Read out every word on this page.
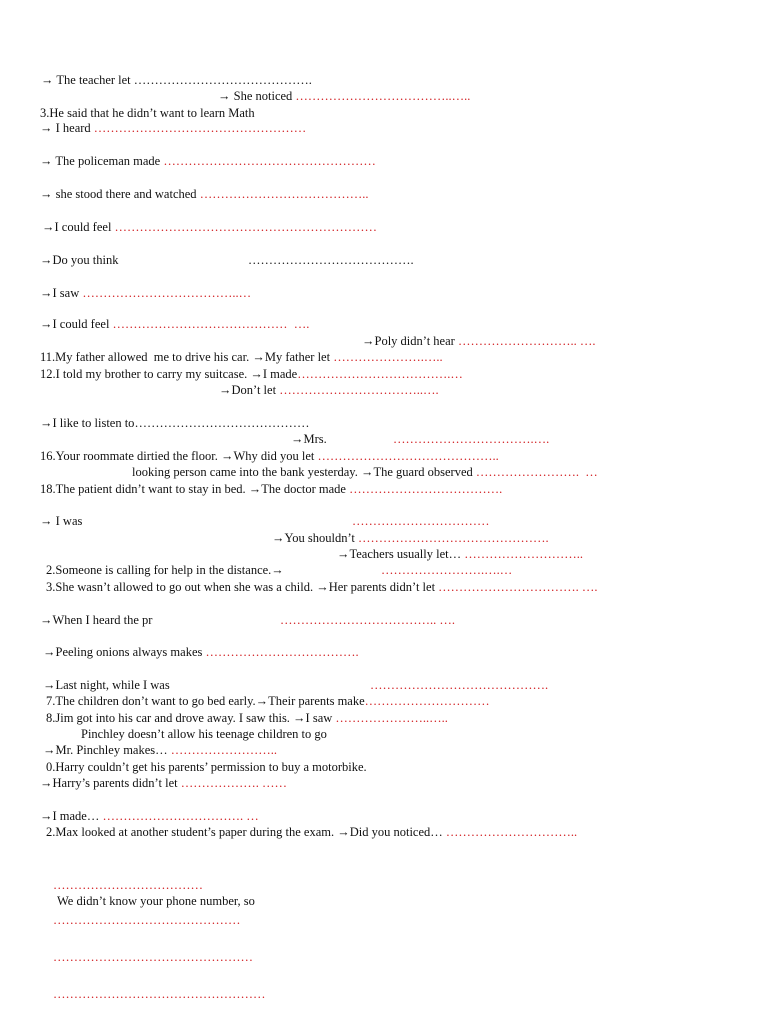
→ The teacher let …………………………………….
→ She noticed ………………………………..…..
3.He said that he didn’t want to learn Math
→ I heard ……………………………………………
→ The policeman made ……………………………………………
→ she stood there and watched …………………………………..
→I could feel ………………………………………………………
→Do you think	………………………………….
→I saw ………………………………..…
→I could feel ……………………………………  ….
→Poly didn’t hear ……………………….. ….
11.My father allowed  me to drive his car. →My father let ………………….…..
12.I told my brother to carry my suitcase. →I made……………………………….…
→Don’t let ……………………………..….
→I like to listen to……………………………………
→Mrs.	…………………………….….
16.Your roommate dirtied the floor. →Why did you let ……………………………………..
looking person came into the bank yesterday. →The guard observed …………………….  …
18.The patient didn’t want to stay in bed. →The doctor made ……………………………….
→ I was	……………………………
→You shouldn’t ……………………………………….
→Teachers usually let… ………………………..
2.Someone is calling for help in the distance.→	…………………….….…
3.She wasn’t allowed to go out when she was a child. →Her parents didn’t let ……………………………. ….
→When I heard the pr	……………………………….. ….
→Peeling onions always makes ……………………………….
→Last night, while I was	…………………………………….
7.The children don’t want to go bed early.→Their parents make…………………………
8.Jim got into his car and drove away. I saw this. →I saw …………………..…..
Pinchley doesn’t allow his teenage children to go
→Mr. Pinchley makes… ……………………..
0.Harry couldn’t get his parents’ permission to buy a motorbike.
→Harry’s parents didn’t let ………………. ……
→I made… ……………………………. …
2.Max looked at another student’s paper during the exam. →Did you noticed… …………………………..
………………………………
We didn’t know your phone number, so
………………………………………
…………………………………………
……………………………………………
